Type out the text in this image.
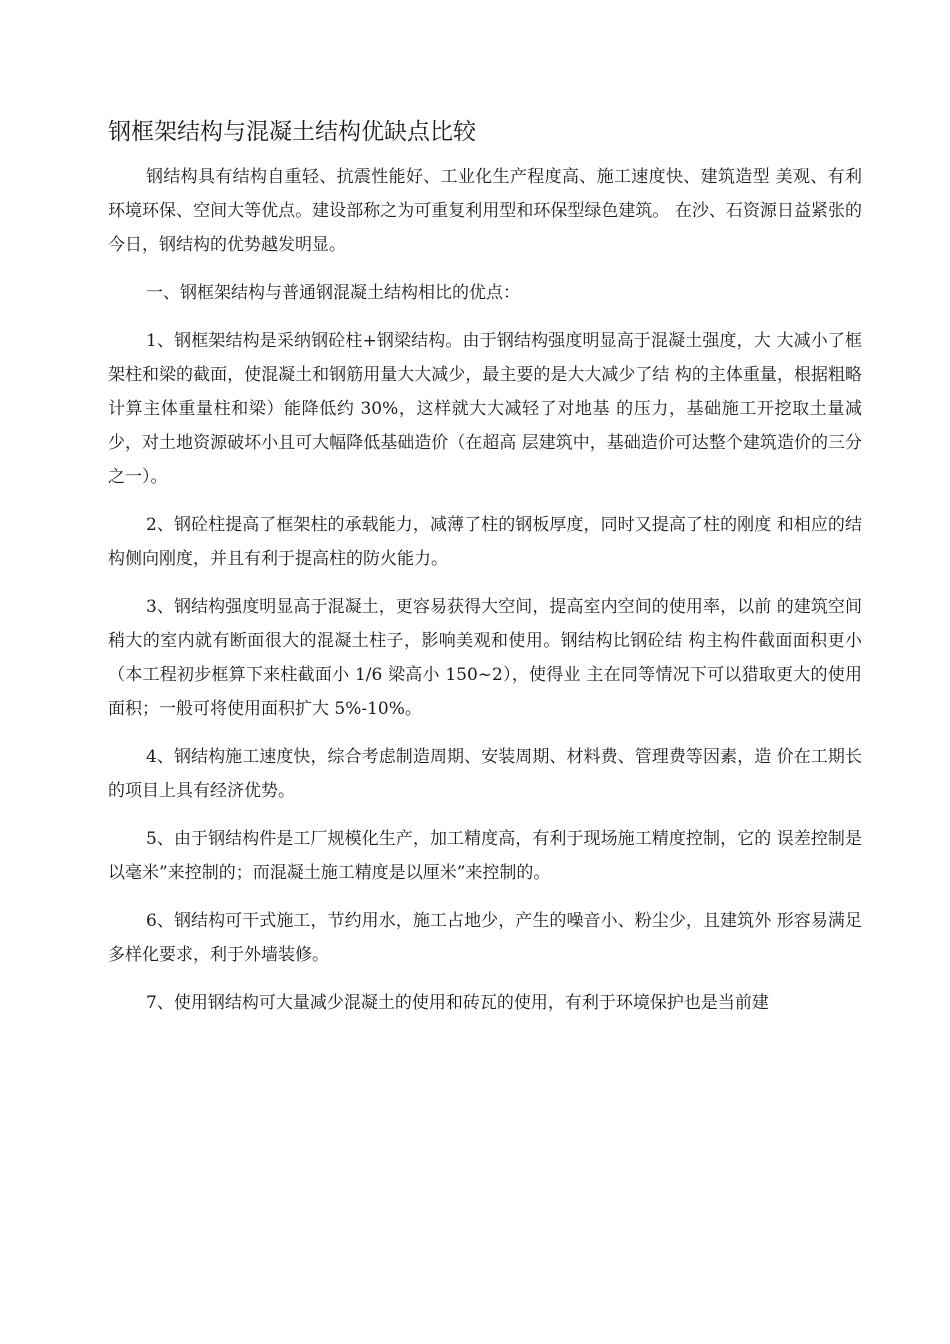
钢框架结构与混凝土结构优缺点比较

钢结构具有结构自重轻、抗震性能好、工业化生产程度高、施工速度快、建筑造型 美观、有利环境环保、空间大等优点。建设部称之为可重复利用型和环保型绿色建筑。 在沙、石资源日益紧张的今日，钢结构的优势越发明显。

一、钢框架结构与普通钢混凝土结构相比的优点：

1、钢框架结构是采纳钢砼柱+钢梁结构。由于钢结构强度明显高于混凝土强度，大 大减小了框架柱和梁的截面，使混凝土和钢筋用量大大减少，最主要的是大大减少了结 构的主体重量，根据粗略计算主体重量柱和梁）能降低约 30%，这样就大大减轻了对地基 的压力，基础施工开挖取土量减少，对土地资源破坏小且可大幅降低基础造价（在超高 层建筑中，基础造价可达整个建筑造价的三分之一）。

2、钢砼柱提高了框架柱的承载能力，减薄了柱的钢板厚度，同时又提高了柱的刚度 和相应的结构侧向刚度，并且有利于提高柱的防火能力。

3、钢结构强度明显高于混凝土，更容易获得大空间，提高室内空间的使用率，以前 的建筑空间稍大的室内就有断面很大的混凝土柱子，影响美观和使用。钢结构比钢砼结 构主构件截面面积更小（本工程初步框算下来柱截面小 1/6 梁高小 150~2），使得业 主在同等情况下可以猎取更大的使用面积；一般可将使用面积扩大 5%-10%。

4、钢结构施工速度快，综合考虑制造周期、安装周期、材料费、管理费等因素，造 价在工期长的项目上具有经济优势。

5、由于钢结构件是工厂规模化生产，加工精度高，有利于现场施工精度控制，它的 误差控制是以毫米”来控制的；而混凝土施工精度是以厘米”来控制的。

6、钢结构可干式施工，节约用水，施工占地少，产生的噪音小、粉尘少，且建筑外 形容易满足多样化要求，利于外墙装修。

7、使用钢结构可大量减少混凝土的使用和砖瓦的使用，有利于环境保护也是当前建
